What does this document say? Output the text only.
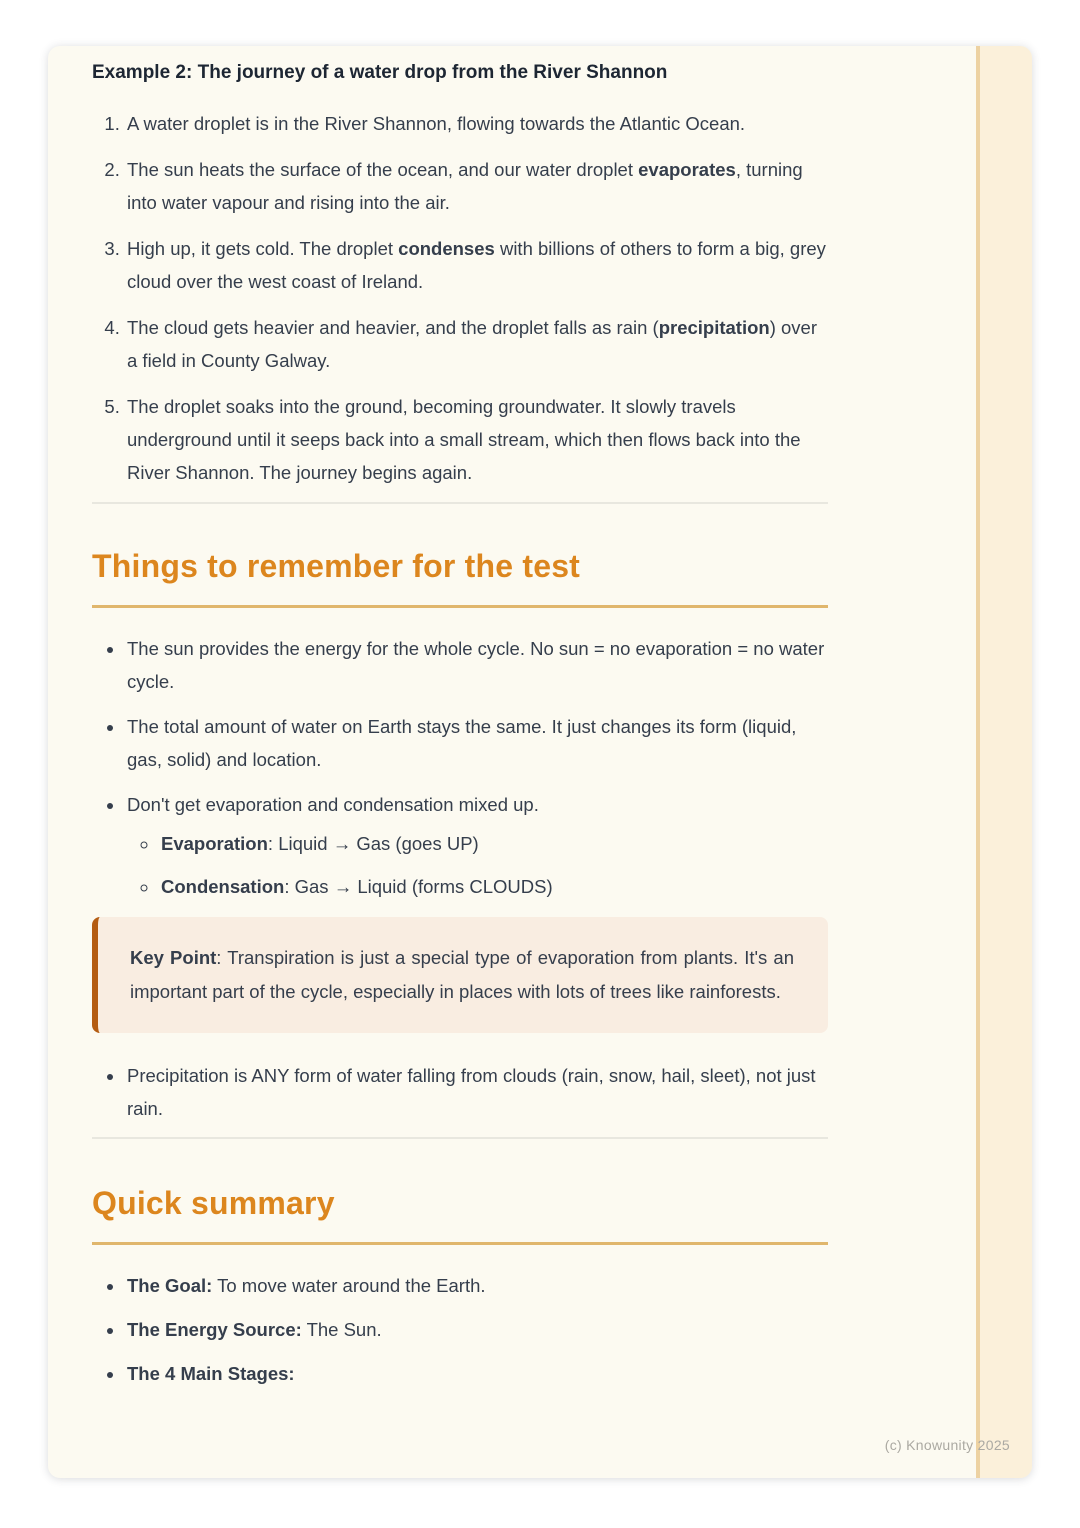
Example 2: The journey of a water drop from the River Shannon
1. A water droplet is in the River Shannon, flowing towards the Atlantic Ocean.
2. The sun heats the surface of the ocean, and our water droplet evaporates, turning into water vapour and rising into the air.
3. High up, it gets cold. The droplet condenses with billions of others to form a big, grey cloud over the west coast of Ireland.
4. The cloud gets heavier and heavier, and the droplet falls as rain (precipitation) over a field in County Galway.
5. The droplet soaks into the ground, becoming groundwater. It slowly travels underground until it seeps back into a small stream, which then flows back into the River Shannon. The journey begins again.
Things to remember for the test
• The sun provides the energy for the whole cycle. No sun = no evaporation = no water cycle.
• The total amount of water on Earth stays the same. It just changes its form (liquid, gas, solid) and location.
• Don't get evaporation and condensation mixed up.
◦ Evaporation: Liquid → Gas (goes UP)
◦ Condensation: Gas → Liquid (forms CLOUDS)

Key Point: Transpiration is just a special type of evaporation from plants. It's an important part of the cycle, especially in places with lots of trees like rainforests.

• Precipitation is ANY form of water falling from clouds (rain, snow, hail, sleet), not just rain.
Quick summary
• The Goal: To move water around the Earth.
• The Energy Source: The Sun.
• The 4 Main Stages:
(c) Knowunity 2025
